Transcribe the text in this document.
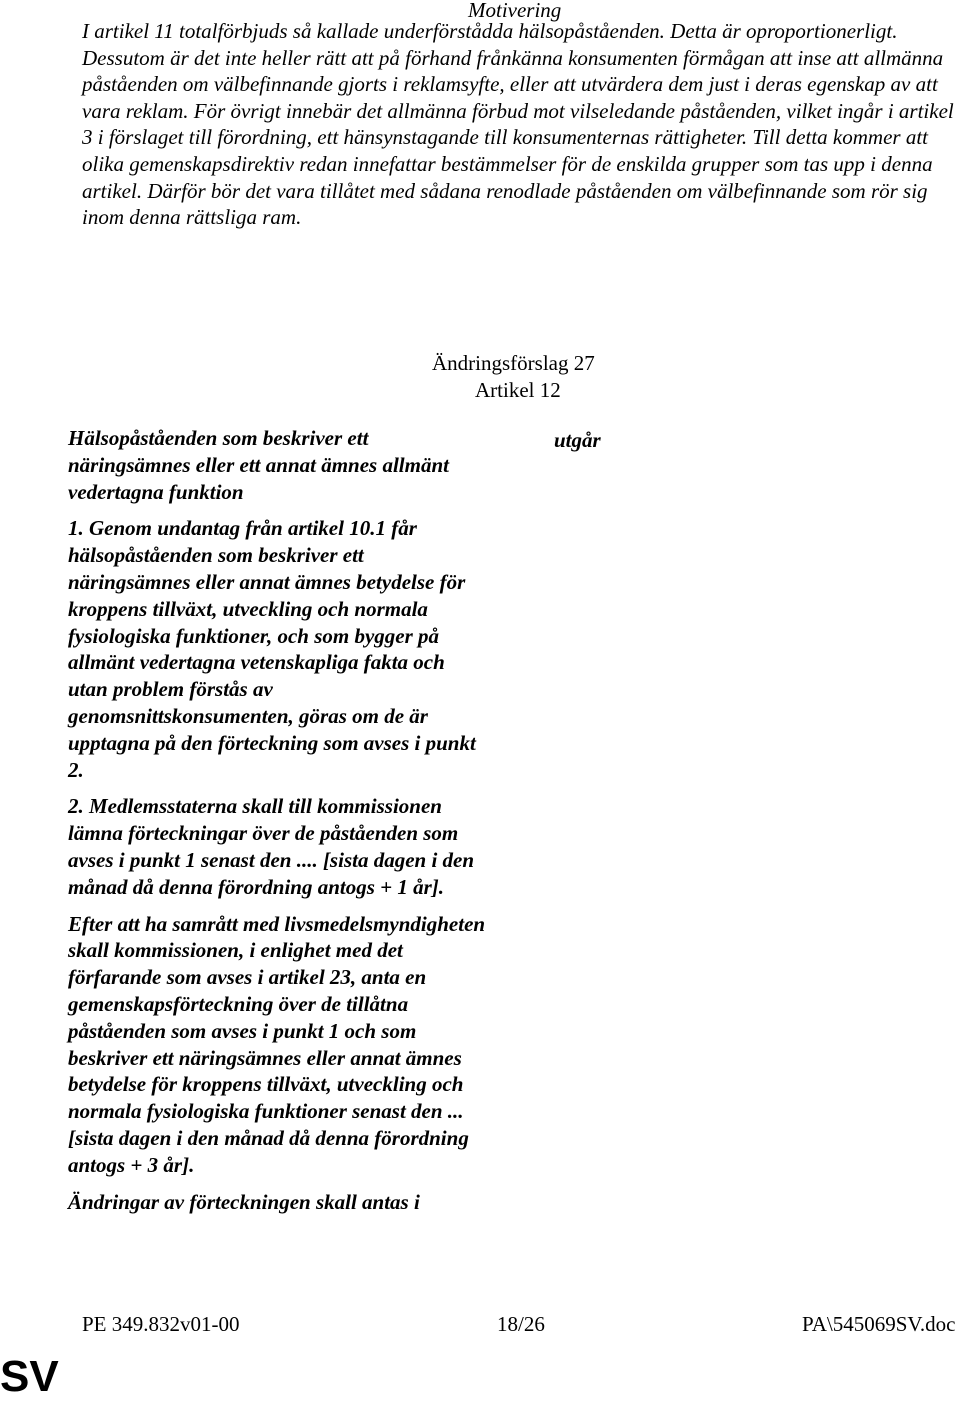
Motivering

I artikel 11 totalförbjuds så kallade underförstådda hälsopåståenden. Detta är oproportionerligt. Dessutom är det inte heller rätt att på förhand frånkänna konsumenten förmågan att inse att allmänna påståenden om välbefinnande gjorts i reklamsyfte, eller att utvärdera dem just i deras egenskap av att vara reklam. För övrigt innebär det allmänna förbud mot vilseledande påståenden, vilket ingår i artikel 3 i förslaget till förordning, ett hänsynstagande till konsumenternas rättigheter. Till detta kommer att olika gemenskapsdirektiv redan innefattar bestämmelser för de enskilda grupper som tas upp i denna artikel. Därför bör det vara tillåtet med sådana renodlade påståenden om välbefinnande som rör sig inom denna rättsliga ram.

Ändringsförslag 27
Artikel 12

Hälsopåståenden som beskriver ett näringsämnes eller ett annat ämnes allmänt vedertagna funktion

1. Genom undantag från artikel 10.1 får hälsopåståenden som beskriver ett näringsämnes eller annat ämnes betydelse för kroppens tillväxt, utveckling och normala fysiologiska funktioner, och som bygger på allmänt vedertagna vetenskapliga fakta och utan problem förstås av genomsnittskonsumenten, göras om de är upptagna på den förteckning som avses i punkt 2.

2. Medlemsstaterna skall till kommissionen lämna förteckningar över de påståenden som avses i punkt 1 senast den .... [sista dagen i den månad då denna förordning antogs + 1 år].

Efter att ha samrått med livsmedelsmyndigheten skall kommissionen, i enlighet med det förfarande som avses i artikel 23, anta en gemenskapsförteckning över de tillåtna påståenden som avses i punkt 1 och som beskriver ett näringsämnes eller annat ämnes betydelse för kroppens tillväxt, utveckling och normala fysiologiska funktioner senast den ... [sista dagen i den månad då denna förordning antogs + 3 år].

Ändringar av förteckningen skall antas i

utgår
PE 349.832v01-00	18/26	PA\545069SV.doc
SV
